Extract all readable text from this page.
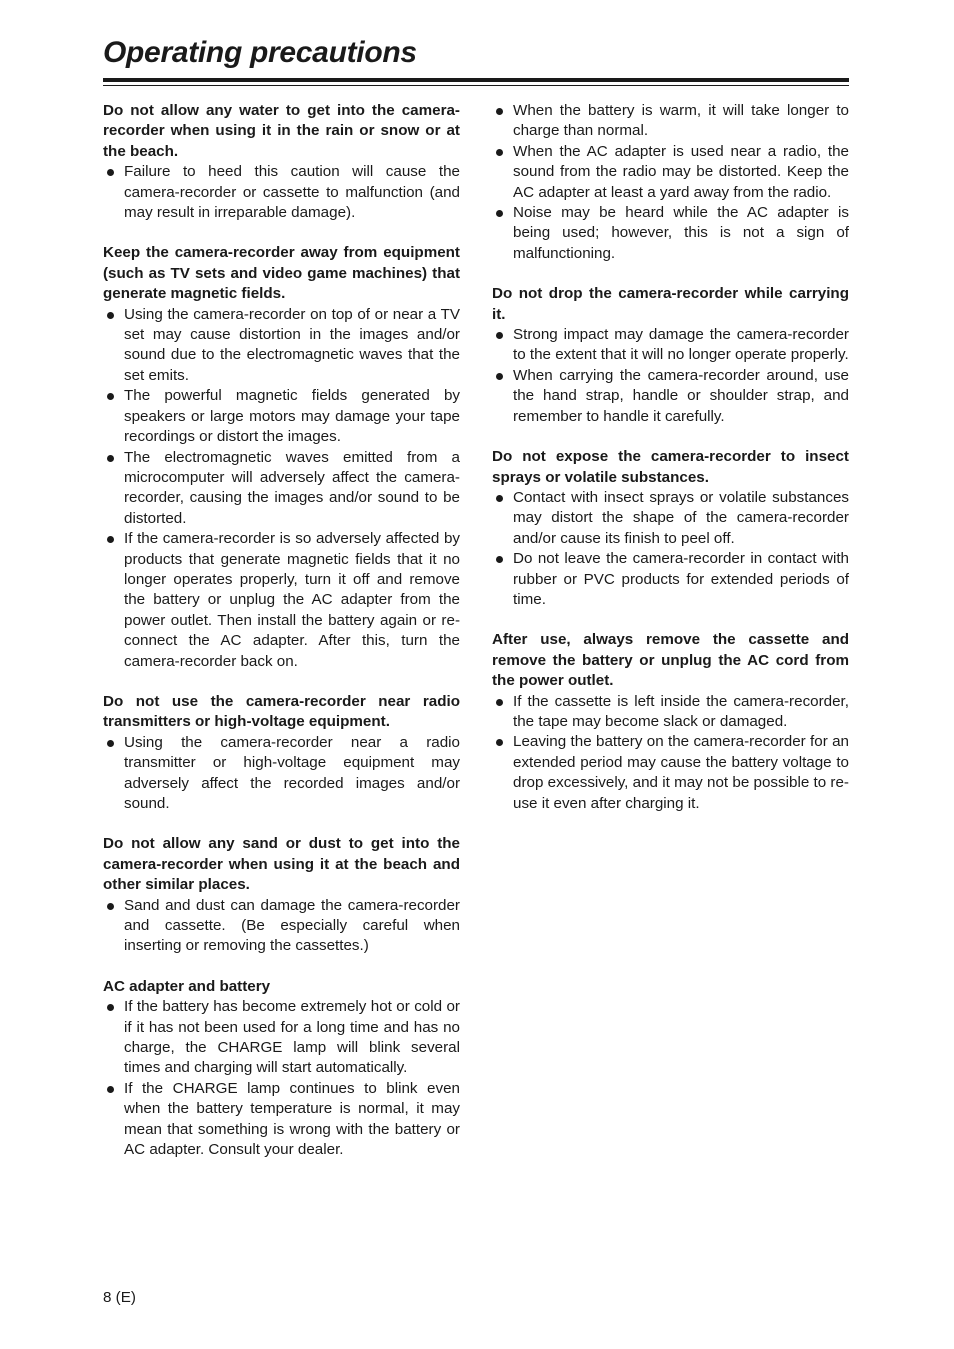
Operating precautions

Do not allow any water to get into the camera-recorder when using it in the rain or snow or at the beach.

Failure to heed this caution will cause the camera-recorder or cassette to malfunction (and may result in irreparable damage).

Keep the camera-recorder away from equipment (such as TV sets and video game machines) that generate magnetic fields.

Using the camera-recorder on top of or near a TV set may cause distortion in the images and/or sound due to the electromagnetic waves that the set emits.
The powerful magnetic fields generated by speakers or large motors may damage your tape recordings or distort the images.
The electromagnetic waves emitted from a microcomputer will adversely affect the camera-recorder, causing the images and/or sound to be distorted.
If the camera-recorder is so adversely affected by products that generate magnetic fields that it no longer operates properly, turn it off and remove the battery or unplug the AC adapter from the power outlet. Then install the battery again or re-connect the AC adapter. After this, turn the camera-recorder back on.

Do not use the camera-recorder near radio transmitters or high-voltage equipment.

Using the camera-recorder near a radio transmitter or high-voltage equipment may adversely affect the recorded images and/or sound.

Do not allow any sand or dust to get into the camera-recorder when using it at the beach and other similar places.

Sand and dust can damage the camera-recorder and cassette. (Be especially careful when inserting or removing the cassettes.)

AC adapter and battery

If the battery has become extremely hot or cold or if it has not been used for a long time and has no charge, the CHARGE lamp will blink several times and charging will start automatically.
If the CHARGE lamp continues to blink even when the battery temperature is normal, it may mean that something is wrong with the battery or AC adapter. Consult your dealer.
When the battery is warm, it will take longer to charge than normal.
When the AC adapter is used near a radio, the sound from the radio may be distorted. Keep the AC adapter at least a yard away from the radio.
Noise may be heard while the AC adapter is being used; however, this is not a sign of malfunctioning.

Do not drop the camera-recorder while carrying it.

Strong impact may damage the camera-recorder to the extent that it will no longer operate properly.
When carrying the camera-recorder around, use the hand strap, handle or shoulder strap, and remember to handle it carefully.

Do not expose the camera-recorder to insect sprays or volatile substances.

Contact with insect sprays or volatile substances may distort the shape of the camera-recorder and/or cause its finish to peel off.
Do not leave the camera-recorder in contact with rubber or PVC products for extended periods of time.

After use, always remove the cassette and remove the battery or unplug the AC cord from the power outlet.

If the cassette is left inside the camera-recorder, the tape may become slack or damaged.
Leaving the battery on the camera-recorder for an extended period may cause the battery voltage to drop excessively, and it may not be possible to re-use it even after charging it.
8 (E)
